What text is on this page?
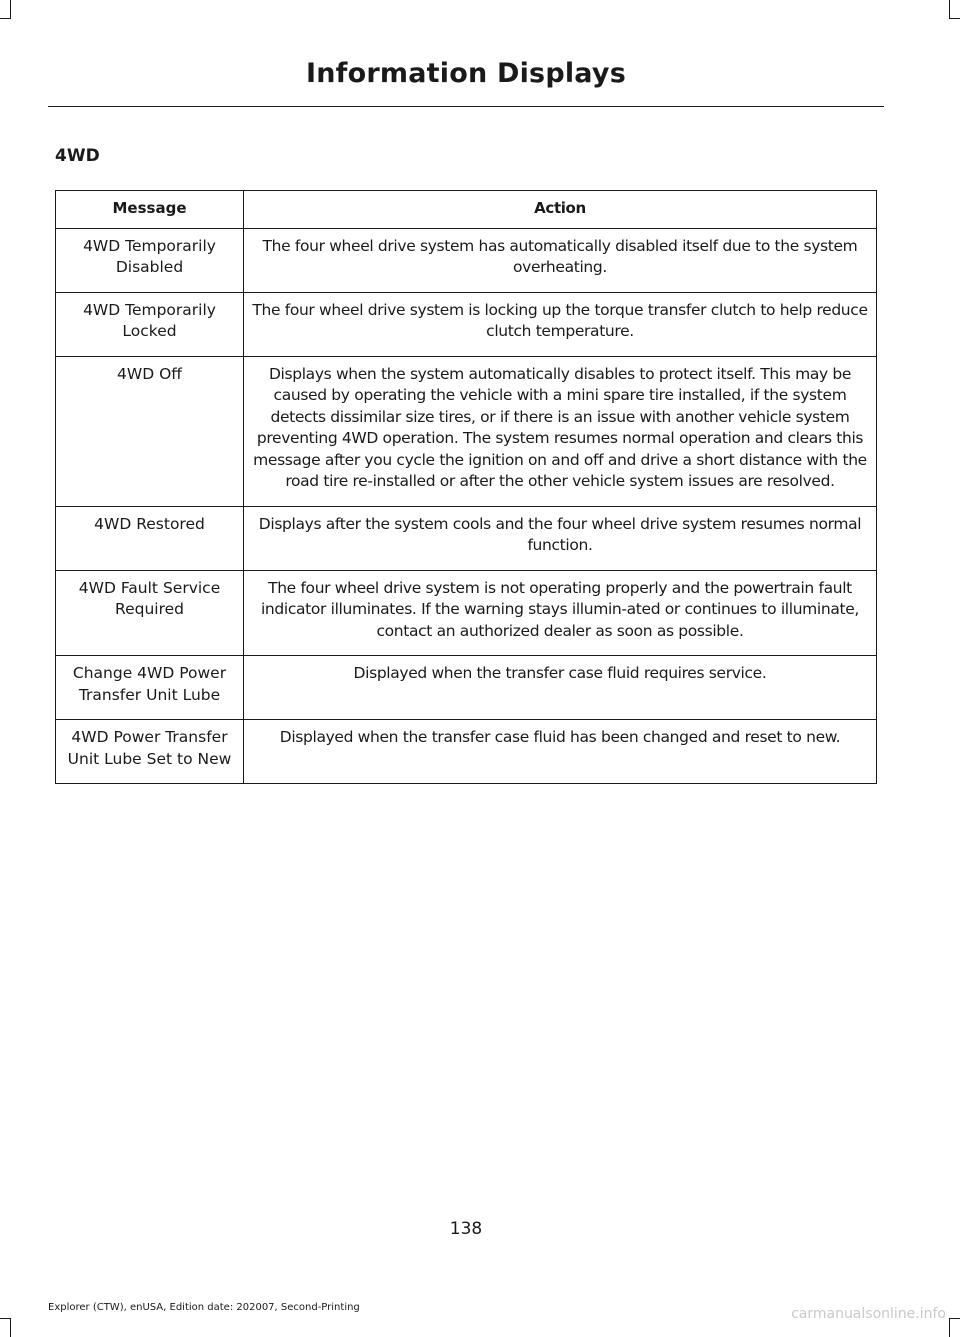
Information Displays
4WD
Message	Action
4WD Temporarily Disabled	The four wheel drive system has automatically disabled itself due to the system overheating.
4WD Temporarily Locked	The four wheel drive system is locking up the torque transfer clutch to help reduce clutch temperature.
4WD Off	Displays when the system automatically disables to protect itself. This may be caused by operating the vehicle with a mini spare tire installed, if the system detects dissimilar size tires, or if there is an issue with another vehicle system preventing 4WD operation. The system resumes normal operation and clears this message after you cycle the ignition on and off and drive a short distance with the road tire re-installed or after the other vehicle system issues are resolved.
4WD Restored	Displays after the system cools and the four wheel drive system resumes normal function.
4WD Fault Service Required	The four wheel drive system is not operating properly and the powertrain fault indicator illuminates. If the warning stays illumin-ated or continues to illuminate, contact an authorized dealer as soon as possible.
Change 4WD Power Transfer Unit Lube	Displayed when the transfer case fluid requires service.
4WD Power Transfer Unit Lube Set to New	Displayed when the transfer case fluid has been changed and reset to new.
138
Explorer (CTW), enUSA, Edition date: 202007, Second-Printing	carmanualsonline.info
